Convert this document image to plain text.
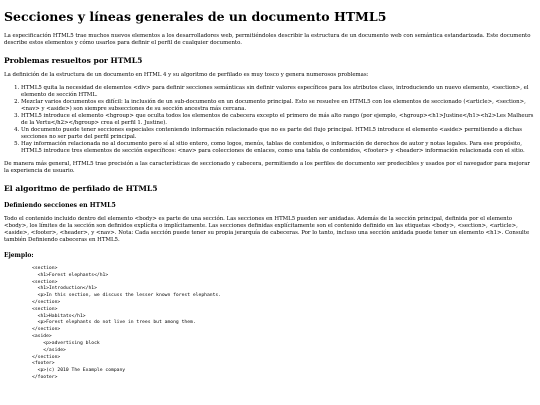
Secciones y líneas generales de un documento HTML5

La especificación HTML5 trae muchos nuevos elementos a los desarrolladores web, permitiéndoles describir la estructura de un documento web con semántica estandarizada. Este documento describe estos elementos y cómo usarlos para definir el perfil de cualquier documento.

Problemas resueltos por HTML5

La definición de la estructura de un documento en HTML 4 y su algoritmo de perfilado es muy tosco y genera numerosos problemas:

1. HTML5 quita la necesidad de elementos <div> para definir secciones semánticas sin definir valores específicos para los atributos class, introduciendo un nuevo elemento, <section>, el elemento de sección HTML.
2. Mezclar varios documentos es difícil: la inclusión de un sub-documento en un documento principal. Esto se resuelve en HTML5 con los elementos de seccionado (<article>, <section>, <nav> y <aside>) son siempre subsecciones de su sección ancestra más cercana.
3. HTML5 introduce el elemento <hgroup> que oculta todos los elementos de cabecera excepto el primero de más alto rango (por ejemplo, <hgroup><h1>Justine</h1><h2>Les Malheurs de la Vertu</h2></hgroup> crea el perfil 1. Justine).
4. Un documento puede tener secciones especiales conteniendo información relacionado que no es parte del flujo principal. HTML5 introduce el elemento <aside> permitiendo a dichas secciones no ser parte del perfil principal.
5. Hay información relacionada no al documento pero sí al sitio entero, como logos, menús, tablas de contenidos, o información de derechos de autor y notas legales. Para ese propósito, HTML5 introduce tres elementos de sección específicos: <nav> para colecciones de enlaces, como una tabla de contenidos, <footer> y <header> información relacionada con el sitio.

De manera más general, HTML5 trae precisión a las características de seccionado y cabecera, permitiendo a los perfiles de documento ser predecibles y usados por el navegador para mejorar la experiencia de usuario.

El algoritmo de perfilado de HTML5
Definiendo secciones en HTML5

Todo el contenido incluido dentro del elemento <body> es parte de una sección. Las secciones en HTML5 pueden ser anidadas. Además de la sección principal, definida por el elemento <body>, los límites de la sección son definidos explícita o implícitamente. Las secciones definidas explícitamente son el contenido definido en las etiquetas <body>, <section>, <article>, <aside>, <footer>, <header>, y <nav>. Nota: Cada sección puede tener su propia jerarquía de cabeceras. Por lo tanto, incluso una sección anidada puede tener un elemento <h1>. Consulte también Definiendo cabeceras en HTML5.

Ejemplo:
<section>
<h1>Forest elephants</h1>
<section>
<h1>Introduction</h1>
<p>In this section, we discuss the lesser known forest elephants.
</section>
<section>
<h1>Habitats</h1>
<p>Forest elephants do not live in trees but among them.
</section>
<aside>
<p>advertising block
</aside>
</section>
<footer>
<p>(c) 2010 The Example company
</footer>
